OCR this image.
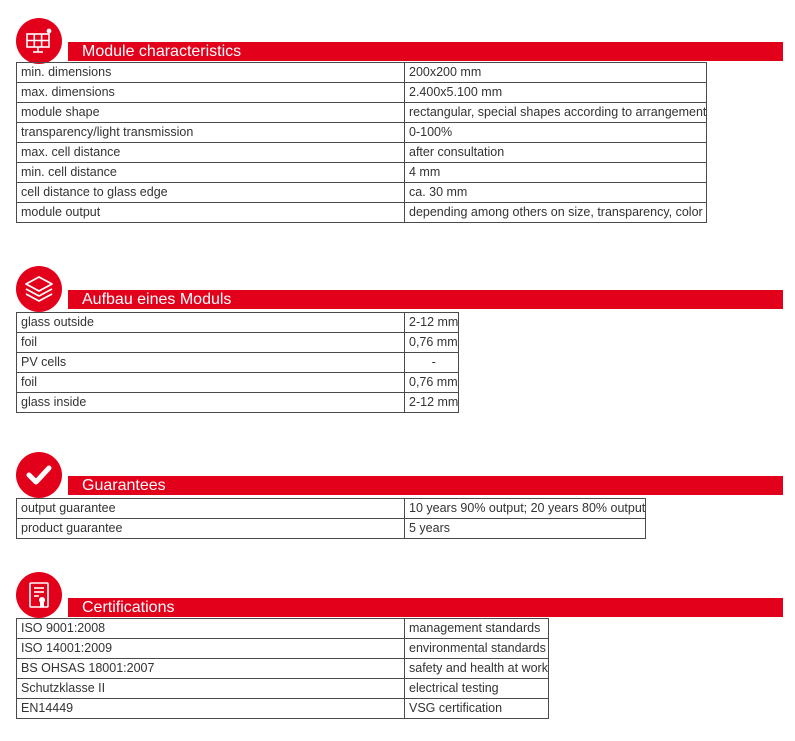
Module characteristics
min. dimensions	200x200 mm
max. dimensions	2.400x5.100 mm
module shape	rectangular, special shapes according to arrangement
transparency/light transmission	0-100%
max. cell distance	after consultation
min. cell distance	4 mm
cell distance to glass edge	ca. 30 mm
module output	depending among others on size, transparency, color
Aufbau eines Moduls
glass outside	2-12 mm
foil	0,76 mm
PV cells	-
foil	0,76 mm
glass inside	2-12 mm
Guarantees
output guarantee	10 years 90% output; 20 years 80% output
product guarantee	5 years
Certifications
ISO 9001:2008	management standards
ISO 14001:2009	environmental standards
BS OHSAS 18001:2007	safety and health at work
Schutzklasse II	electrical testing
EN14449	VSG certification
